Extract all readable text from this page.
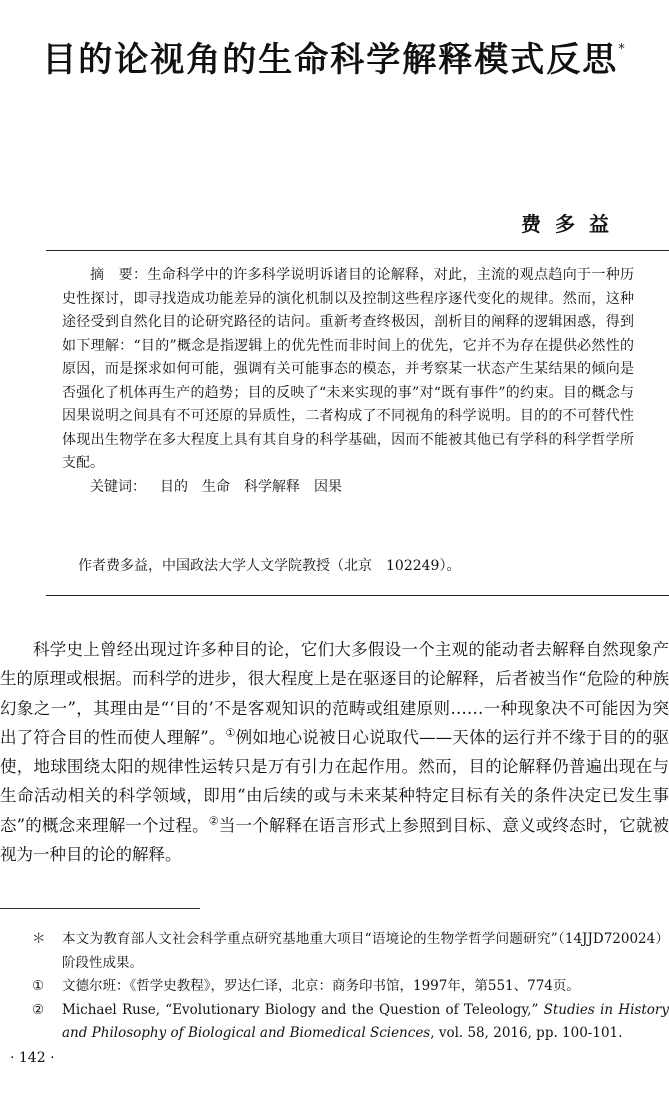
目的论视角的生命科学解释模式反思*
费多益

摘　要：生命科学中的许多科学说明诉诸目的论解释，对此，主流的观点趋向于一种历史性探讨，即寻找造成功能差异的演化机制以及控制这些程序逐代变化的规律。然而，这种途径受到自然化目的论研究路径的诘问。重新考查终极因，剖析目的阐释的逻辑困惑，得到如下理解：“目的”概念是指逻辑上的优先性而非时间上的优先，它并不为存在提供必然性的原因，而是探求如何可能，强调有关可能事态的模态，并考察某一状态产生某结果的倾向是否强化了机体再生产的趋势；目的反映了“未来实现的事”对“既有事件”的约束。目的概念与因果说明之间具有不可还原的异质性，二者构成了不同视角的科学说明。目的的不可替代性体现出生物学在多大程度上具有其自身的科学基础，因而不能被其他已有学科的科学哲学所支配。

关键词： 目的 生命 科学解释 因果

作者费多益，中国政法大学人文学院教授（北京　102249）。

科学史上曾经出现过许多种目的论，它们大多假设一个主观的能动者去解释自然现象产生的原理或根据。而科学的进步，很大程度上是在驱逐目的论解释，后者被当作“危险的种族幻象之一”，其理由是“‘目的’不是客观知识的范畴或组建原则……一种现象决不可能因为突出了符合目的性而使人理解”。①例如地心说被日心说取代——天体的运行并不缘于目的的驱使，地球围绕太阳的规律性运转只是万有引力在起作用。然而，目的论解释仍普遍出现在与生命活动相关的科学领域，即用“由后续的或与未来某种特定目标有关的条件决定已发生事态”的概念来理解一个过程。②当一个解释在语言形式上参照到目标、意义或终态时，它就被视为一种目的论的解释。

＊	本文为教育部人文社会科学重点研究基地重大项目“语境论的生物学哲学问题研究”（14JJD720024）阶段性成果。
①	文德尔班：《哲学史教程》，罗达仁译，北京：商务印书馆，1997年，第551、774页。
②	Michael Ruse, “Evolutionary Biology and the Question of Teleology,” Studies in History and Philosophy of Biological and Biomedical Sciences, vol. 58, 2016, pp. 100-101.
· 142 ·
